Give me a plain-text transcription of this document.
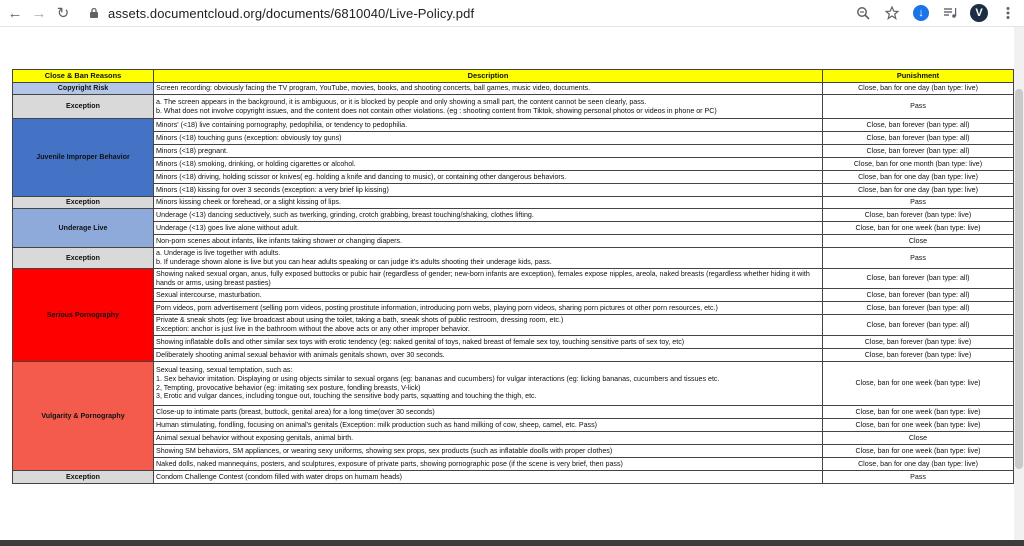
← → ↻	assets.documentcloud.org/documents/6810040/Live-Policy.pdf	↓	V
Close & Ban Reasons	Description	Punishment
Copyright Risk	Screen recording: obviously facing the TV program, YouTube, movies, books, and shooting concerts, ball games, music video, documents.	Close, ban for one day (ban type: live)
Exception	a. The screen appears in the background, it is ambiguous, or it is blocked by people and only showing a small part, the content cannot be seen clearly, pass.
b. What does not involve copyright issues, and the content does not contain other violations. (eg : shooting content from Tiktok, showing personal photos or videos in phone or PC)	Pass
Juvenile Improper Behavior	Minors' (<18) live containing pornography, pedophilia, or tendency to pedophilia.	Close, ban forever (ban type: all)

	Minors (<18) touching guns (exception: obviously toy guns)	Close, ban forever (ban type: all)

	Minors (<18) pregnant.	Close, ban forever (ban type: all)

	Minors (<18) smoking, drinking, or holding cigarettes or alcohol.	Close, ban for one month (ban type: live)

	Minors (<18) driving, holding scissor or knives( eg. holding a knife and dancing to music), or containing other dangerous behaviors.	Close, ban for one day (ban type: live)

	Minors (<18) kissing for over 3 seconds (exception: a very brief lip kissing)	Close, ban for one day (ban type: live)
Exception	Minors kissing cheek or forehead, or a slight kissing of lips.	Pass
Underage Live	Underage (<13) dancing seductively, such as twerking, grinding, crotch grabbing, breast touching/shaking, clothes lifting.	Close, ban forever (ban type: live)

	Underage (<13) goes live alone without adult.	Close, ban for one week (ban type: live)

	Non-porn scenes about infants, like infants taking shower or changing diapers.	Close
Exception	a. Underage is live together with adults.
b. If underage shown alone is live but you can hear adults speaking or can judge it's adults shooting their underage kids, pass.	Pass
Serious Pornography	Showing naked sexual organ, anus, fully exposed buttocks or pubic hair (regardless of gender; new-born infants are exception), females expose nipples, areola, naked breasts (regardless whether hiding it with hands or arms, using breast pasties)	Close, ban forever (ban type: all)

	Sexual intercourse, masturbation.	Close, ban forever (ban type: all)

	Porn videos, porn advertisement (selling porn videos, posting prostitute information, introducing porn webs, playing porn videos, sharing porn pictures ot other porn resources, etc.)	Close, ban forever (ban type: all)

	Private & sneak shots (eg: live broadcast about using the toilet, taking a bath, sneak shots of public restroom, dressing room, etc.)
Exception: anchor is just live in the bathroom without the above acts or any other improper behavior.	Close, ban forever (ban type: all)

	Showing inflatable dolls and other similar sex toys with erotic tendency (eg: naked genital of toys, naked breast of female sex toy, touching sensitive parts of sex toy, etc)	Close, ban forever (ban type: live)

	Deliberately shooting animal sexual behavior with animals genitals shown, over 30 seconds.	Close, ban forever (ban type: live)
Vulgarity & Pornography	Sexual teasing, sexual temptation, such as:
1. Sex behavior imitation. Displaying or using objects similar to sexual organs (eg: bananas and cucumbers) for vulgar interactions (eg: licking bananas, cucumbers and tissues etc.
2, Tempting, provocative behavior (eg: imitating sex posture, fondling breasts, V-lick)
3, Erotic and vulgar dances, including tongue out, touching the sensitive body parts, squatting and touching the thigh, etc.	Close, ban for one week (ban type: live)

	Close-up to intimate parts (breast, buttock, genital area) for a long time(over 30 seconds)	Close, ban for one week (ban type: live)

	Human stimulating, fondling, focusing on animal's genitals (Exception: milk production such as hand milking of cow, sheep, camel, etc. Pass)	Close, ban for one week (ban type: live)

	Animal sexual behavior without exposing genitals, animal birth.	Close

	Showing SM behaviors, SM appliances, or wearing sexy uniforms, showing sex props, sex products (such as inflatable doolls with proper clothes)	Close, ban for one week (ban type: live)

	Naked dolls, naked mannequins, posters, and sculptures, exposure of private parts, showing pornographic pose (if the scene is very brief, then pass)	Close, ban for one day (ban type: live)
Exception	Condom Challenge Contest (condom filled with water drops on humam heads)	Pass
